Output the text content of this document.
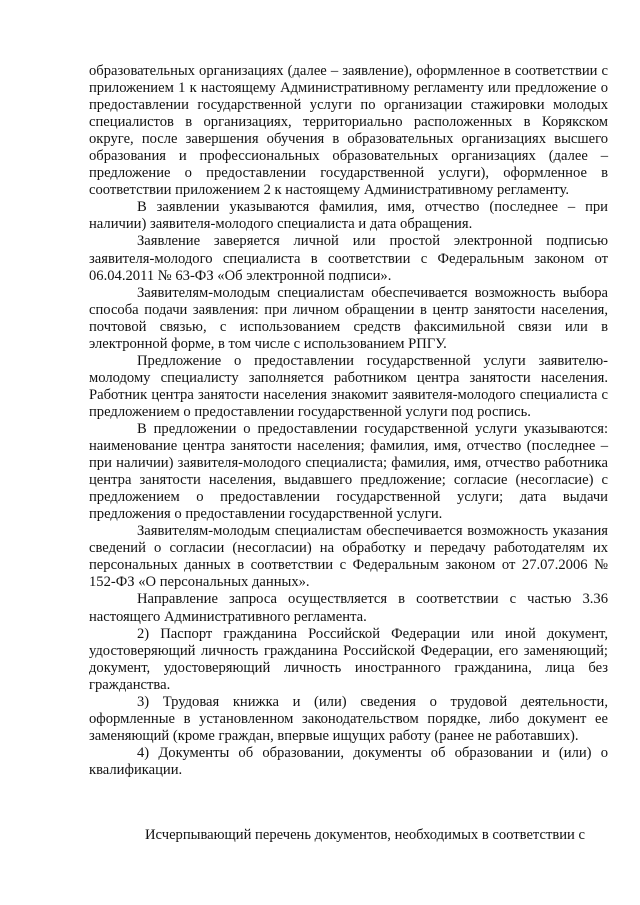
образовательных организациях (далее – заявление), оформленное в соответствии с приложением 1 к настоящему Административному регламенту или предложение о предоставлении государственной услуги по организации стажировки молодых специалистов в организациях, территориально расположенных в Корякском округе, после завершения обучения в образовательных организациях высшего образования и профессиональных образовательных организациях (далее – предложение о предоставлении государственной услуги), оформленное в соответствии приложением 2 к настоящему Административному регламенту.

В заявлении указываются фамилия, имя, отчество (последнее – при наличии) заявителя-молодого специалиста и дата обращения.

Заявление заверяется личной или простой электронной подписью заявителя-молодого специалиста в соответствии с Федеральным законом от 06.04.2011 № 63-ФЗ «Об электронной подписи».

Заявителям-молодым специалистам обеспечивается возможность выбора способа подачи заявления: при личном обращении в центр занятости населения, почтовой связью, с использованием средств факсимильной связи или в электронной форме, в том числе с использованием РПГУ.

Предложение о предоставлении государственной услуги заявителю-молодому специалисту заполняется работником центра занятости населения. Работник центра занятости населения знакомит заявителя-молодого специалиста с предложением о предоставлении государственной услуги под роспись.

В предложении о предоставлении государственной услуги указываются: наименование центра занятости населения; фамилия, имя, отчество (последнее – при наличии) заявителя-молодого специалиста; фамилия, имя, отчество работника центра занятости населения, выдавшего предложение; согласие (несогласие) с предложением о предоставлении государственной услуги; дата выдачи предложения о предоставлении государственной услуги.

Заявителям-молодым специалистам обеспечивается возможность указания сведений о согласии (несогласии) на обработку и передачу работодателям их персональных данных в соответствии с Федеральным законом от 27.07.2006 № 152-ФЗ «О персональных данных».

Направление запроса осуществляется в соответствии с частью 3.36 настоящего Административного регламента.

2) Паспорт гражданина Российской Федерации или иной документ, удостоверяющий личность гражданина Российской Федерации, его заменяющий; документ, удостоверяющий личность иностранного гражданина, лица без гражданства.

3) Трудовая книжка и (или) сведения о трудовой деятельности, оформленные в установленном законодательством порядке, либо документ ее заменяющий (кроме граждан, впервые ищущих работу (ранее не работавших).

4) Документы об образовании, документы об образовании и (или) о квалификации.

Исчерпывающий перечень документов, необходимых в соответствии с
